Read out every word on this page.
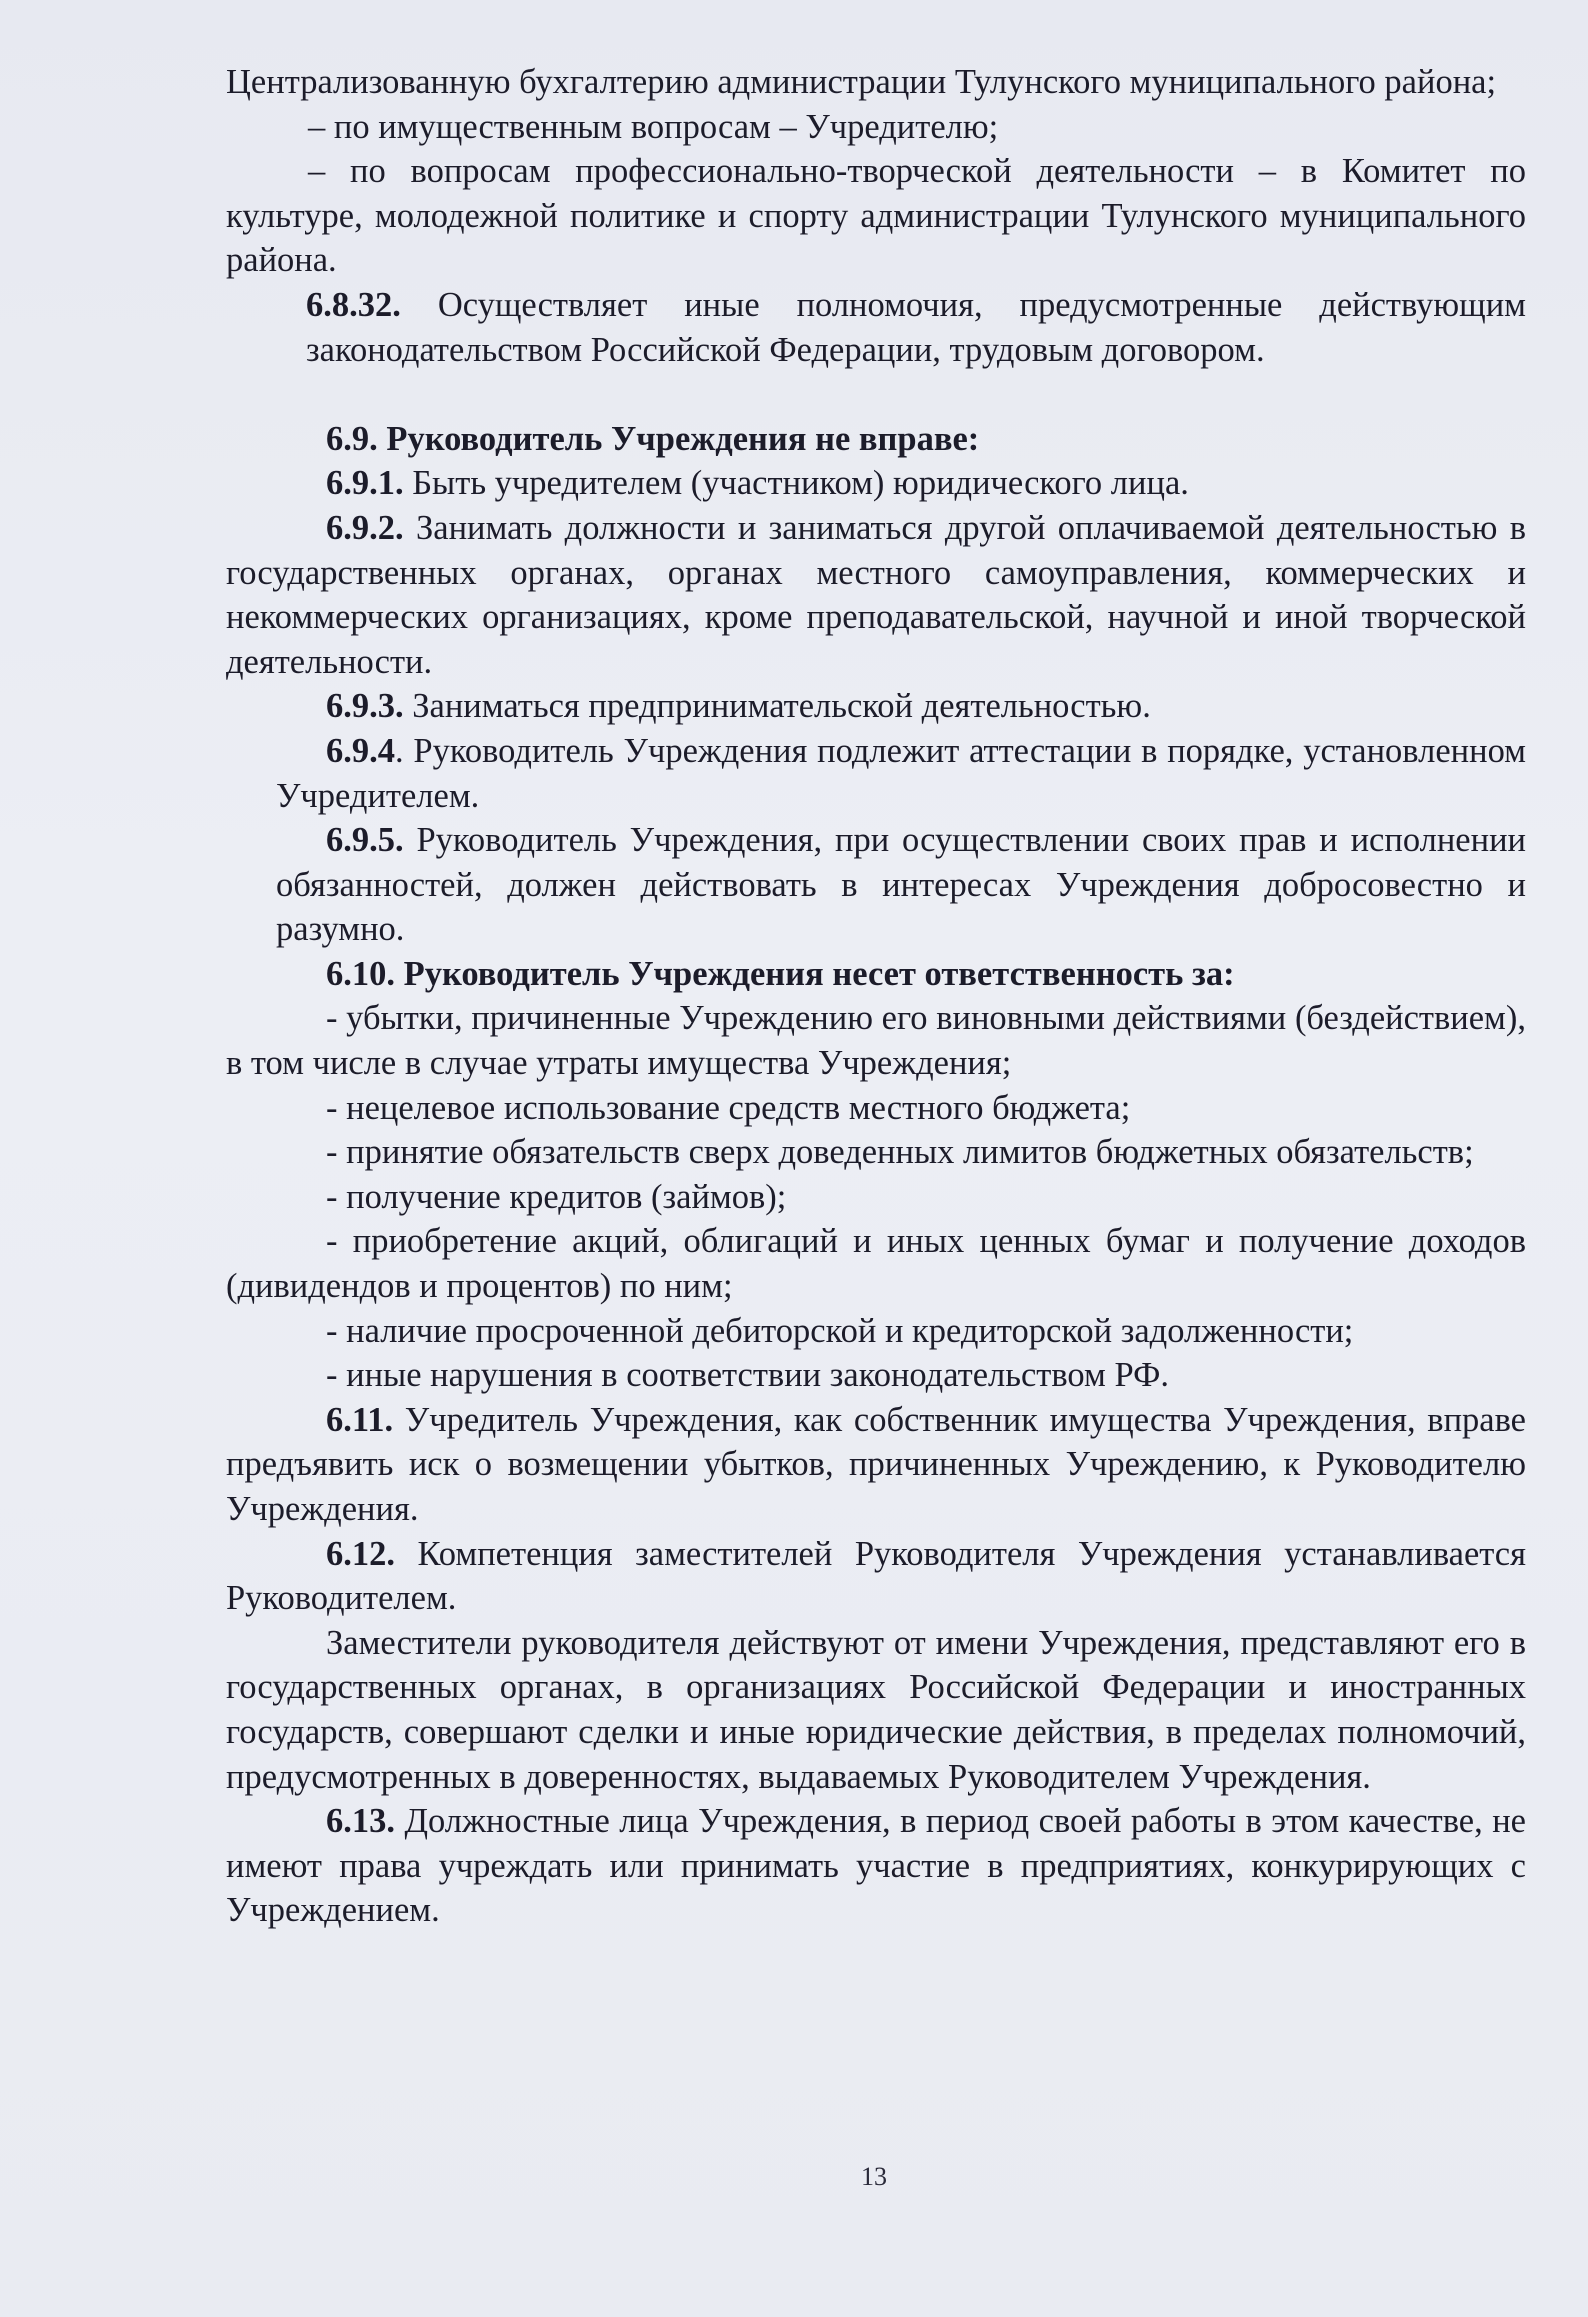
Централизованную бухгалтерию администрации Тулунского муниципального района;

– по имущественным вопросам – Учредителю;

– по вопросам профессионально-творческой деятельности – в Комитет по культуре, молодежной политике и спорту администрации Тулунского муниципального района.

6.8.32. Осуществляет иные полномочия, предусмотренные действующим законодательством Российской Федерации, трудовым договором.

6.9. Руководитель Учреждения не вправе:

6.9.1. Быть учредителем (участником) юридического лица.

6.9.2. Занимать должности и заниматься другой оплачиваемой деятельностью в государственных органах, органах местного самоуправления, коммерческих и некоммерческих организациях, кроме преподавательской, научной и иной творческой деятельности.

6.9.3. Заниматься предпринимательской деятельностью.

6.9.4. Руководитель Учреждения подлежит аттестации в порядке, установленном Учредителем.

6.9.5. Руководитель Учреждения, при осуществлении своих прав и исполнении обязанностей, должен действовать в интересах Учреждения добросовестно и разумно.

6.10. Руководитель Учреждения несет ответственность за:

- убытки, причиненные Учреждению его виновными действиями (бездействием), в том числе в случае утраты имущества Учреждения;

- нецелевое использование средств местного бюджета;

- принятие обязательств сверх доведенных лимитов бюджетных обязательств;

- получение кредитов (займов);

- приобретение акций, облигаций и иных ценных бумаг и получение доходов (дивидендов и процентов) по ним;

- наличие просроченной дебиторской и кредиторской задолженности;

- иные нарушения в соответствии законодательством РФ.

6.11. Учредитель Учреждения, как собственник имущества Учреждения, вправе предъявить иск о возмещении убытков, причиненных Учреждению, к Руководителю Учреждения.

6.12. Компетенция заместителей Руководителя Учреждения устанавливается Руководителем.

Заместители руководителя действуют от имени Учреждения, представляют его в государственных органах, в организациях Российской Федерации и иностранных государств, совершают сделки и иные юридические действия, в пределах полномочий, предусмотренных в доверенностях, выдаваемых Руководителем Учреждения.

6.13. Должностные лица Учреждения, в период своей работы в этом качестве, не имеют права учреждать или принимать участие в предприятиях, конкурирующих с Учреждением.

13
